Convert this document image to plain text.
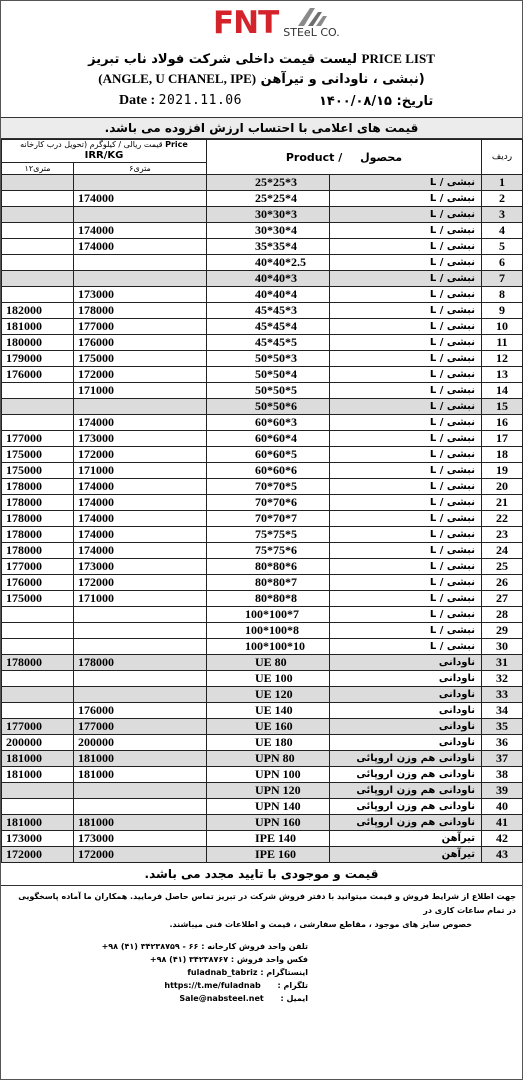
FNT STEeL CO.
لیست قیمت داخلی شرکت فولاد ناب تبریز PRICE LIST
(ANGLE, U CHANEL, IPE) (نبشی ، ناودانی و تیرآهن
Date : 2021.11.06	تاریخ: ۱۴۰۰/۰۸/۱۵
قیمت های اعلامی با احتساب ارزش افزوده می باشد.
قیمت ریالی / کیلوگرم (تحویل درب کارخانه Price
IRR/KG		Product / محصول		ردیف
۱۲متری	۶متری			
		25*25*3	نبشی / L	1
	174000	25*25*4	نبشی / L	2
		30*30*3	نبشی / L	3
	174000	30*30*4	نبشی / L	4
	174000	35*35*4	نبشی / L	5
		40*40*2.5	نبشی / L	6
		40*40*3	نبشی / L	7
	173000	40*40*4	نبشی / L	8
182000	178000	45*45*3	نبشی / L	9
181000	177000	45*45*4	نبشی / L	10
180000	176000	45*45*5	نبشی / L	11
179000	175000	50*50*3	نبشی / L	12
176000	172000	50*50*4	نبشی / L	13
	171000	50*50*5	نبشی / L	14
		50*50*6	نبشی / L	15
	174000	60*60*3	نبشی / L	16
177000	173000	60*60*4	نبشی / L	17
175000	172000	60*60*5	نبشی / L	18
175000	171000	60*60*6	نبشی / L	19
178000	174000	70*70*5	نبشی / L	20
178000	174000	70*70*6	نبشی / L	21
178000	174000	70*70*7	نبشی / L	22
178000	174000	75*75*5	نبشی / L	23
178000	174000	75*75*6	نبشی / L	24
177000	173000	80*80*6	نبشی / L	25
176000	172000	80*80*7	نبشی / L	26
175000	171000	80*80*8	نبشی / L	27
		100*100*7	نبشی / L	28
		100*100*8	نبشی / L	29
		100*100*10	نبشی / L	30
178000	178000	UE 80	ناودانی	31
		UE 100	ناودانی	32
		UE 120	ناودانی	33
	176000	UE 140	ناودانی	34
177000	177000	UE 160	ناودانی	35
200000	200000	UE 180	ناودانی	36
181000	181000	UPN 80	ناودانی هم وزن اروپائی	37
181000	181000	UPN 100	ناودانی هم وزن اروپائی	38
		UPN 120	ناودانی هم وزن اروپائی	39
		UPN 140	ناودانی هم وزن اروپائی	40
181000	181000	UPN 160	ناودانی هم وزن اروپائی	41
173000	173000	IPE 140	تیرآهن	42
172000	172000	IPE 160	تیرآهن	43
قیمت و موجودی با تایید مجدد می باشد.
جهت اطلاع از شرایط فروش و قیمت میتوانید با دفتر فروش شرکت در تبریز تماس حاصل فرمایید. همکاران ما آماده پاسخگویی در تمام ساعات کاری در
خصوص سایز های موجود ، مقاطع سفارشی ، قیمت و اطلاعات فنی میباشند.
تلفن واحد فروش کارخانه : ۶۶ - ۳۴۲۳۸۷۵۹ (۴۱) ۹۸+
فکس واحد فروش : ۳۴۲۳۸۷۶۷ (۴۱) ۹۸+
اینستاگرام : fuladnab_tabriz
تلگرام : https://t.me/fuladnab
ایمیل : Sale@nabsteel.net
